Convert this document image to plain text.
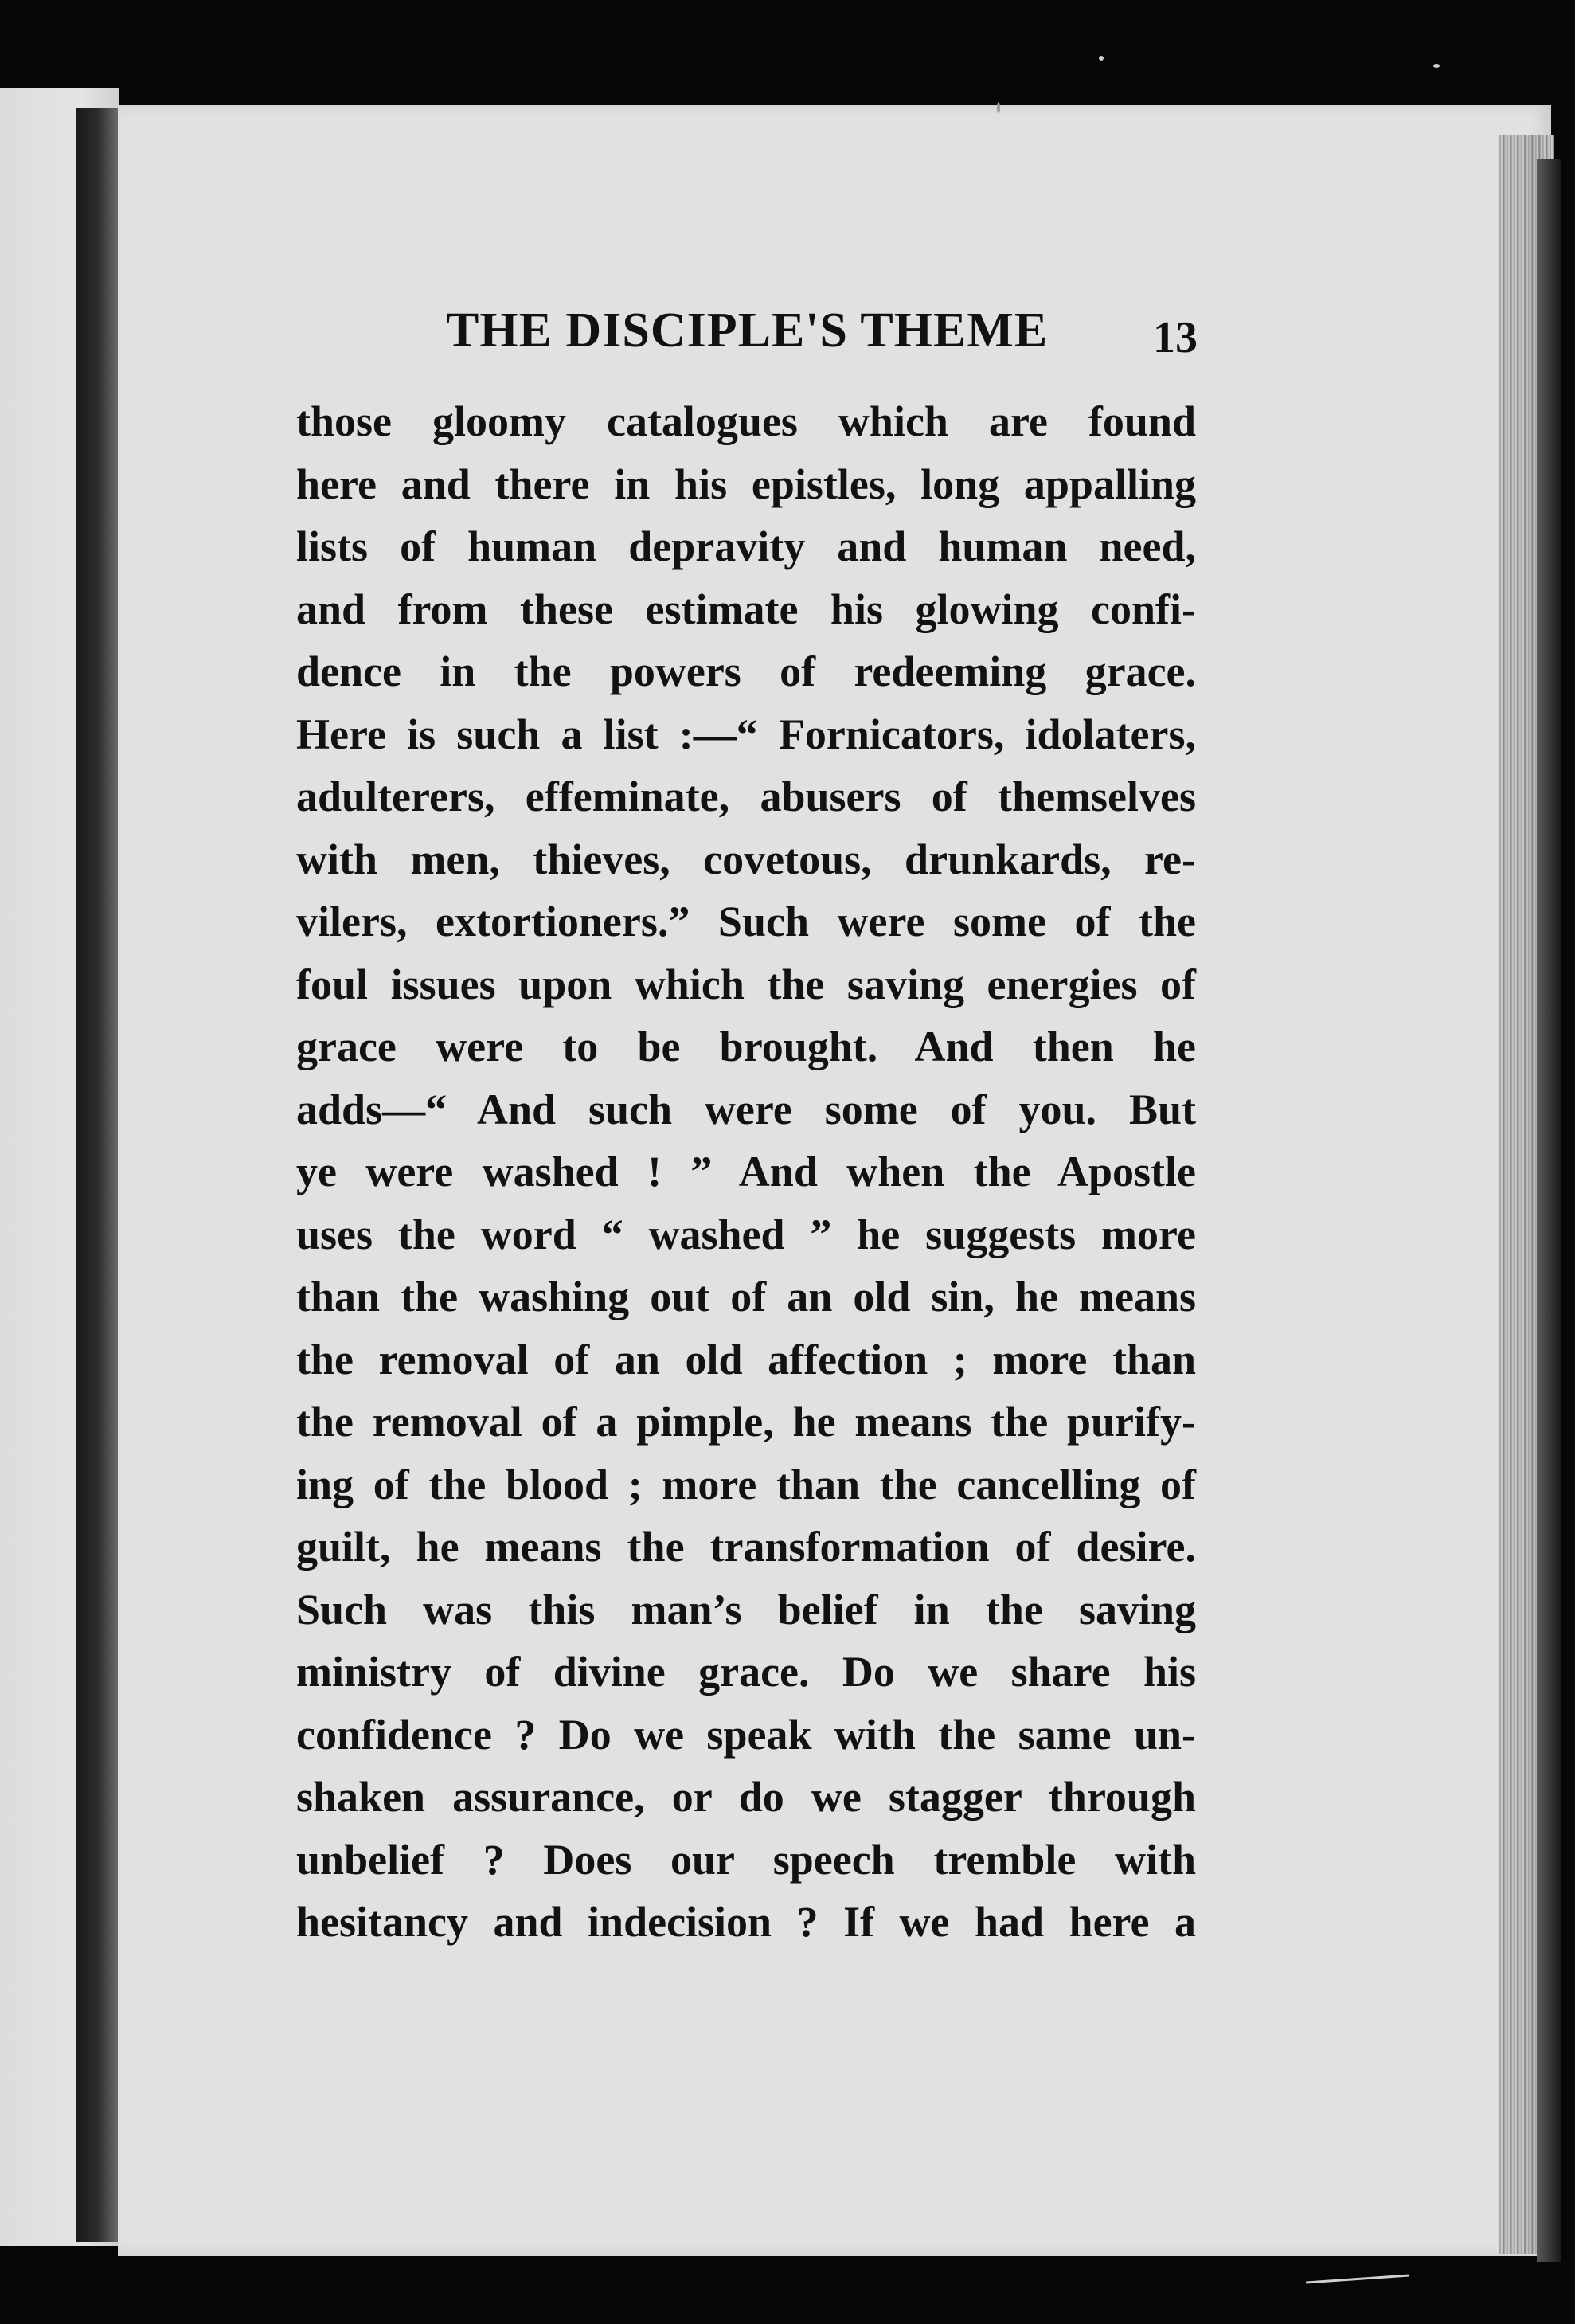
THE DISCIPLE'S THEME 13
those gloomy catalogues which are found
here and there in his epistles, long appalling
lists of human depravity and human need,
and from these estimate his glowing confi-
dence in the powers of redeeming grace.
Here is such a list :—“ Fornicators, idolaters,
adulterers, effeminate, abusers of themselves
with men, thieves, covetous, drunkards, re-
vilers, extortioners.” Such were some of the
foul issues upon which the saving energies of
grace were to be brought. And then he
adds—“ And such were some of you. But
ye were washed ! ” And when the Apostle
uses the word “ washed ” he suggests more
than the washing out of an old sin, he means
the removal of an old affection ; more than
the removal of a pimple, he means the purify-
ing of the blood ; more than the cancelling of
guilt, he means the transformation of desire.
Such was this man’s belief in the saving
ministry of divine grace. Do we share his
confidence ? Do we speak with the same un-
shaken assurance, or do we stagger through
unbelief ? Does our speech tremble with
hesitancy and indecision ? If we had here a
